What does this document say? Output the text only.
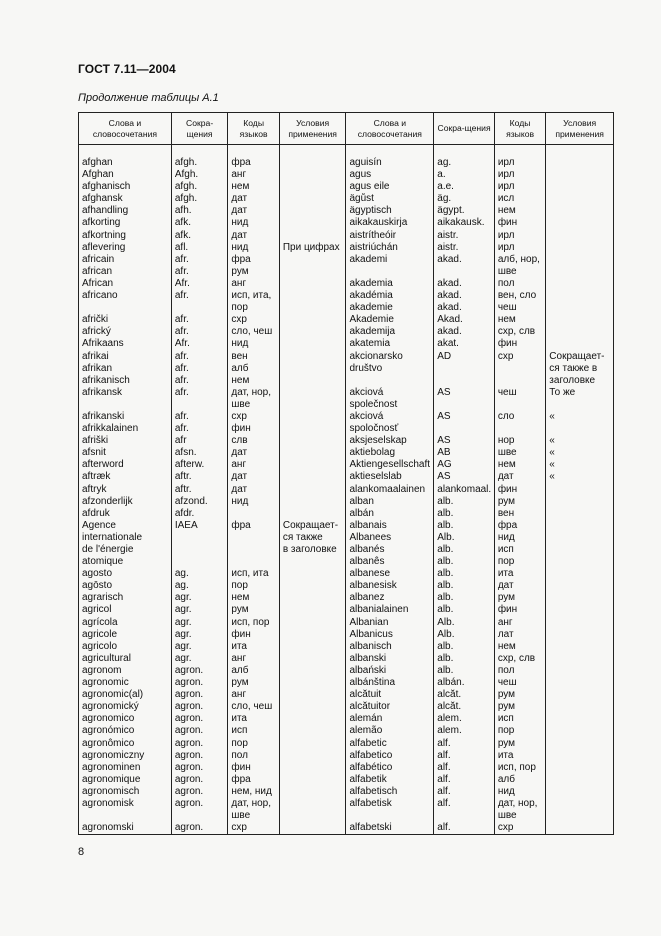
ГОСТ 7.11—2004
Продолжение таблицы А.1
Слова и словосочетания	Сокра-щения	Коды языков	Условия применения	Слова и словосочетания	Сокра-щения	Коды языков	Условия применения
afghan	afgh.	фра		aguisín	ag.	ирл	
Afghan	Afgh.	анг		agus	a.	ирл	
afghanisch	afgh.	нем		agus eile	a.e.	ирл	
afghansk	afgh.	дат		ägůst	äg.	исл	
afhandling	afh.	дат		ägyptisch	ägypt.	нем	
afkorting	afk.	нид		aikakauskirja	aikakausk.	фин	
afkortning	afk.	дат		aistrítheóir	aistr.	ирл	
aflevering	afl.	нид	При цифрах	aistriúchán	aistr.	ирл	
africain	afr.	фра		akademi	akad.	алб, нор,	
african	afr.	рум				шве	
African	Afr.	анг		akademia	akad.	пол	
africano	afr.	исп, ита,		akadémia	akad.	вен, сло	
		пор		akademie	akad.	чеш	
afrički	afr.	схр		Akademie	Akad.	нем	
africký	afr.	сло, чеш		akademija	akad.	схр, слв	
Afrikaans	Afr.	нид		akatemia	akat.	фин	
afrikai	afr.	вен		akcionarsko	AD	схр	Сокращает-
afrikan	afr.	алб		društvo			ся также в
afrikanisch	afr.	нем					заголовке
afrikansk	afr.	дат, нор,		akciová	AS	чеш	То же
		шве		společnost			
afrikanski	afr.	схр		akciová	AS	сло	«
afrikkalainen	afr.	фин		spoločnosť			
afriški	afr	слв		aksjeselskap	AS	нор	«
afsnit	afsn.	дат		aktiebolag	AB	шве	«
afterword	afterw.	анг		Aktiengesellschaft	AG	нем	«
aftræk	aftr.	дат		aktieselslab	AS	дат	«
aftryk	aftr.	дат		alankomaalainen	alankomaal.	фин	
afzonderlijk	afzond.	нид		alban	alb.	рум	
afdruk	afdr.			albán	alb.	вен	
Agence	IAEA	фра	Сокращает-	albanais	alb.	фра	
internationale			ся также	Albanees	Alb.	нид	
de l'énergie			в заголовке	albanés	alb.	исп	
atomique				albanês	alb.	пор	
agosto	ag.	исп, ита		albanese	alb.	ита	
agōsto	ag.	пор		albanesisk	alb.	дат	
agrarisch	agr.	нем		albanez	alb.	рум	
agricol	agr.	рум		albanialainen	alb.	фин	
agrícola	agr.	исп, пор		Albanian	Alb.	анг	
agricole	agr.	фин		Albanicus	Alb.	лат	
agricolo	agr.	ита		albanisch	alb.	нем	
agricultural	agr.	анг		albanski	alb.	схр, слв	
agronom	agron.	алб		albański	alb.	пол	
agronomic	agron.	рум		albánština	albán.	чеш	
agronomic(al)	agron.	анг		alcătuit	alcăt.	рум	
agronomický	agron.	сло, чеш		alcătuitor	alcăt.	рум	
agronomico	agron.	ита		alemán	alem.	исп	
agronómico	agron.	исп		alemão	alem.	пор	
agronômico	agron.	пор		alfabetic	alf.	рум	
agronomiczny	agron.	пол		alfabetico	alf.	ита	
agronominen	agron.	фин		alfabético	alf.	исп, пор	
agronomique	agron.	фра		alfabetik	alf.	алб	
agronomisch	agron.	нем, нид		alfabetisch	alf.	нид	
agronomisk	agron.	дат, нор,		alfabetisk	alf.	дат, нор,	
		шве				шве	
agronomski	agron.	схр		alfabetski	alf.	схр	
8
